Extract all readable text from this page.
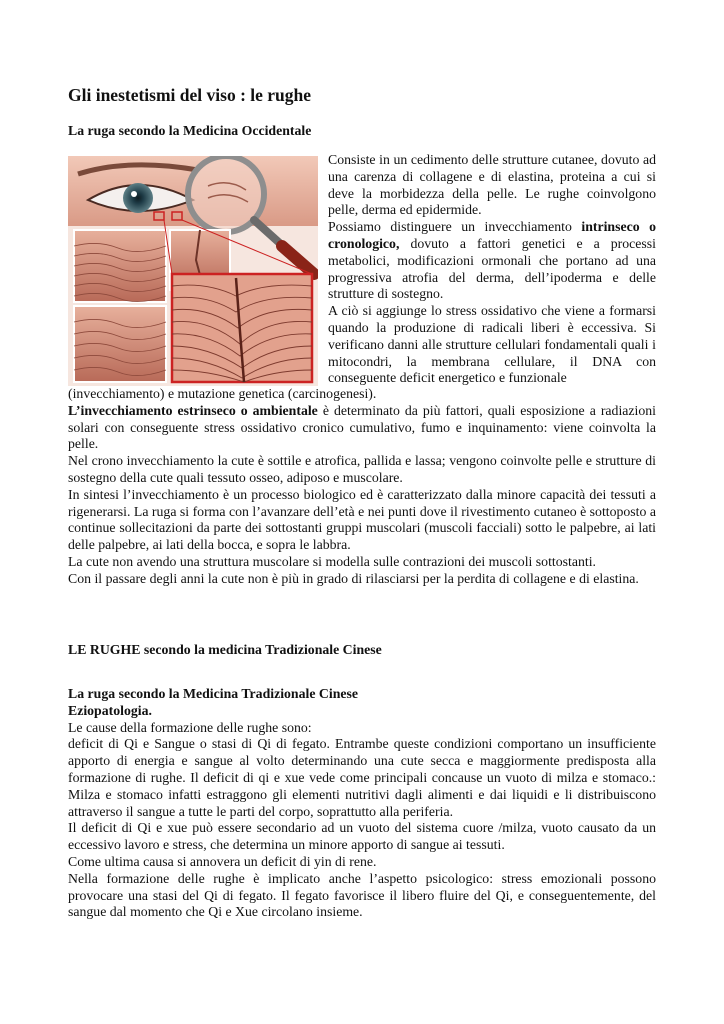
Gli inestetismi del viso : le rughe
La ruga secondo la Medicina Occidentale

Consiste in un cedimento delle strutture cutanee, dovuto ad una carenza di collagene e di elastina, proteina a cui si deve la morbidezza della pelle. Le rughe coinvolgono pelle, derma ed epidermide.

Possiamo distinguere un invecchiamento intrinseco o cronologico, dovuto a fattori genetici e a processi metabolici, modificazioni ormonali che portano ad una progressiva atrofia del derma, dell’ipoderma e delle strutture di sostegno.

A ciò si aggiunge lo stress ossidativo che viene a formarsi quando la produzione di radicali liberi è eccessiva. Si verificano danni alle strutture cellulari fondamentali quali i mitocondri, la membrana cellulare, il DNA con conseguente deficit energetico e funzionale

(invecchiamento) e mutazione genetica (carcinogenesi).

L’invecchiamento estrinseco o ambientale è determinato da più fattori, quali esposizione a radiazioni solari con conseguente stress ossidativo cronico cumulativo, fumo e inquinamento: viene coinvolta la pelle.

Nel crono invecchiamento la cute è sottile e atrofica, pallida e lassa; vengono coinvolte pelle e strutture di sostegno della cute quali tessuto osseo, adiposo e muscolare.

In sintesi l’invecchiamento è un processo biologico ed è caratterizzato dalla minore capacità dei tessuti a rigenerarsi. La ruga si forma con l’avanzare dell’età e nei punti dove il rivestimento cutaneo è sottoposto a continue sollecitazioni da parte dei sottostanti gruppi muscolari (muscoli facciali) sotto le palpebre, ai lati delle palpebre, ai lati della bocca, e sopra le labbra.

La cute non avendo una struttura muscolare si modella sulle contrazioni dei muscoli sottostanti.

Con il passare degli anni la cute non è più in grado di rilasciarsi per la perdita di collagene e di elastina.

LE RUGHE secondo la medicina Tradizionale Cinese

La ruga secondo la Medicina Tradizionale Cinese

Eziopatologia.

Le cause della formazione delle rughe sono:

deficit di Qi e Sangue o stasi di Qi di fegato. Entrambe queste condizioni comportano un insufficiente apporto di energia e sangue al volto determinando una cute secca e maggiormente predisposta alla formazione di rughe. Il deficit di qi e xue vede come principali concause un vuoto di milza e stomaco.: Milza e stomaco infatti estraggono gli elementi nutritivi dagli alimenti e dai liquidi e li distribuiscono attraverso il sangue a tutte le parti del corpo, soprattutto alla periferia.

Il deficit di Qi e xue può essere secondario ad un vuoto del sistema cuore /milza, vuoto causato da un eccessivo lavoro e stress, che determina un minore apporto di sangue ai tessuti.

Come ultima causa si annovera un deficit di yin di rene.

Nella formazione delle rughe è implicato anche l’aspetto psicologico: stress emozionali possono provocare una stasi del Qi di fegato. Il fegato favorisce il libero fluire del Qi, e conseguentemente, del sangue dal momento che Qi e Xue circolano insieme.
